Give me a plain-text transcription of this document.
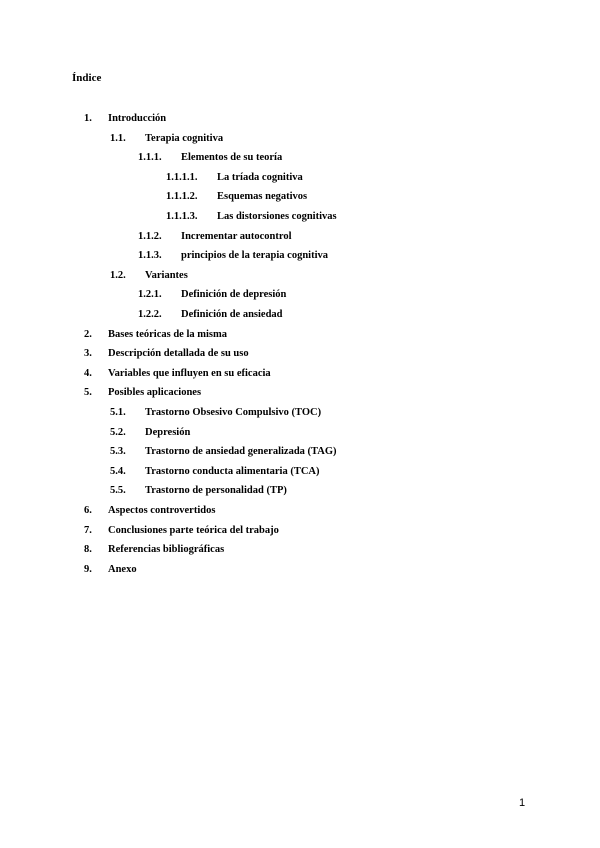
Índice
1. Introducción
1.1. Terapia cognitiva
1.1.1. Elementos de su teoría
1.1.1.1. La tríada cognitiva
1.1.1.2. Esquemas negativos
1.1.1.3. Las distorsiones cognitivas
1.1.2. Incrementar autocontrol
1.1.3. principios de la terapia cognitiva
1.2. Variantes
1.2.1. Definición de depresión
1.2.2. Definición de ansiedad
2. Bases teóricas de la misma
3. Descripción detallada de su uso
4. Variables que influyen en su eficacia
5. Posibles aplicaciones
5.1. Trastorno Obsesivo Compulsivo (TOC)
5.2. Depresión
5.3. Trastorno de ansiedad generalizada (TAG)
5.4. Trastorno conducta alimentaria (TCA)
5.5. Trastorno de personalidad (TP)
6. Aspectos controvertidos
7. Conclusiones parte teórica del trabajo
8. Referencias bibliográficas
9. Anexo
1
